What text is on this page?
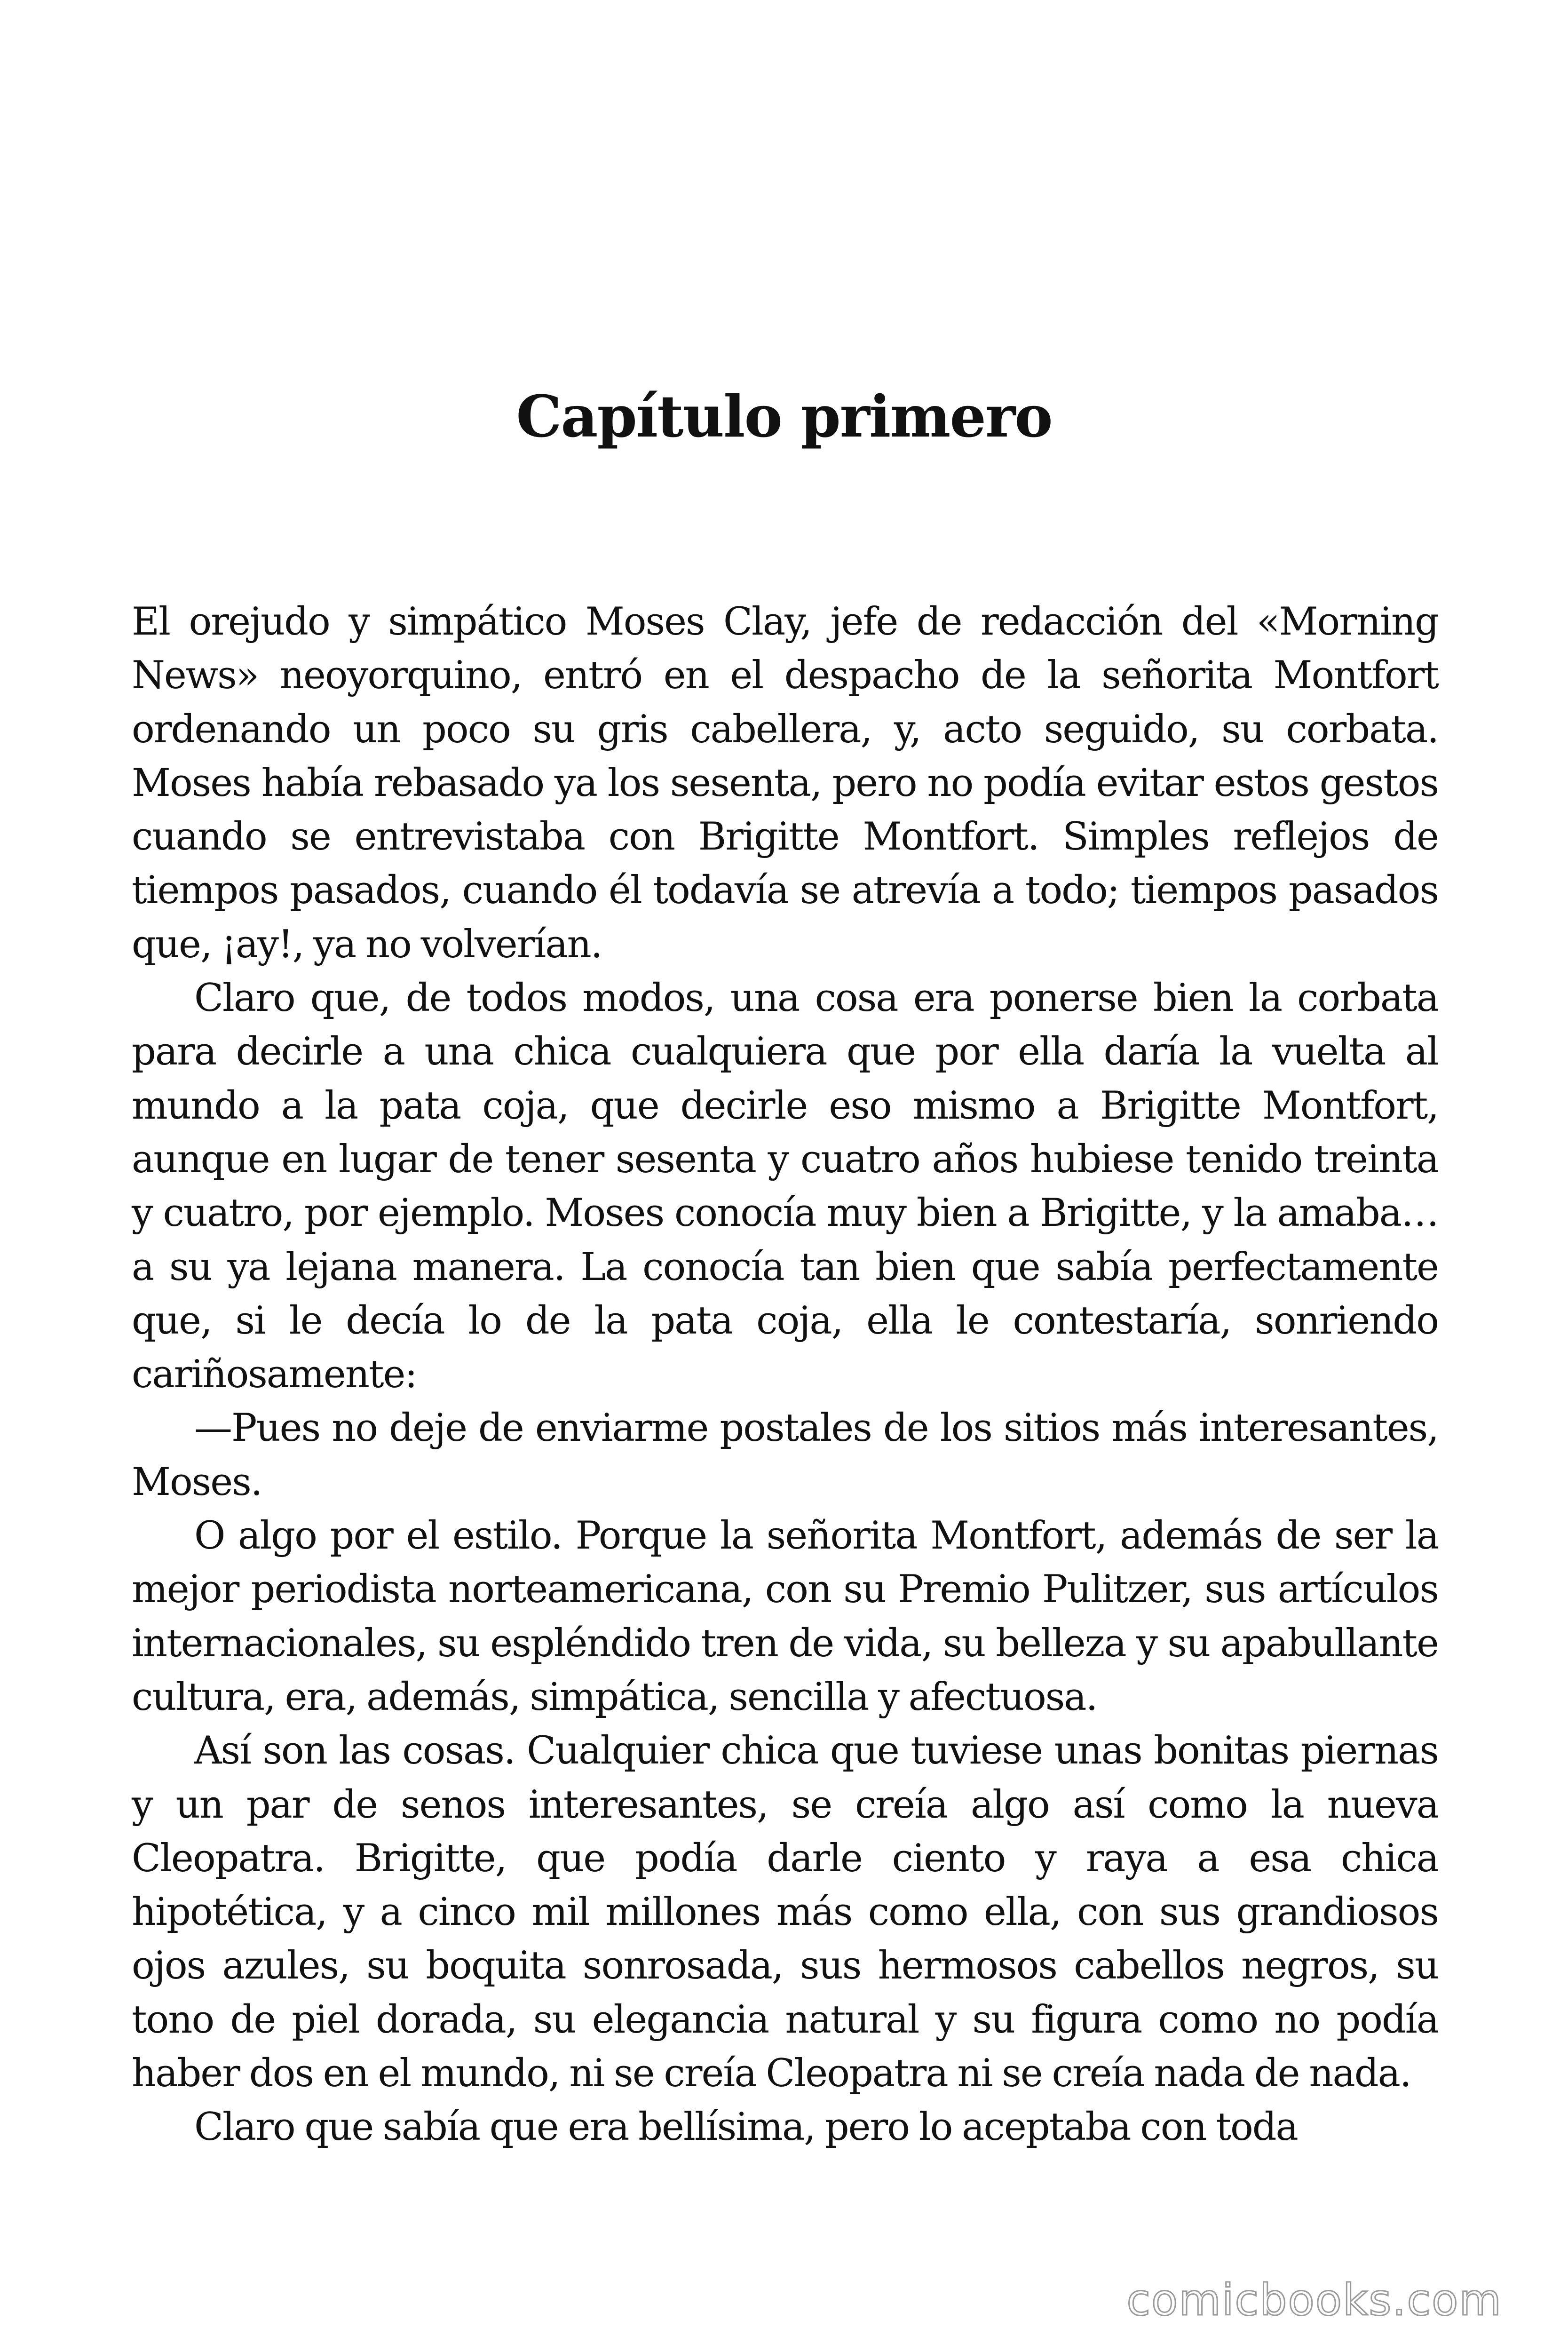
Capítulo primero

El orejudo y simpático Moses Clay, jefe de redacción del «Morning News» neoyorquino, entró en el despacho de la señorita Montfort ordenando un poco su gris cabellera, y, acto seguido, su corbata. Moses había rebasado ya los sesenta, pero no podía evitar estos gestos cuando se entrevistaba con Brigitte Montfort. Simples reflejos de tiempos pasados, cuando él todavía se atrevía a todo; tiempos pasados que, ¡ay!, ya no volverían.

Claro que, de todos modos, una cosa era ponerse bien la corbata para decirle a una chica cualquiera que por ella daría la vuelta al mundo a la pata coja, que decirle eso mismo a Brigitte Montfort, aunque en lugar de tener sesenta y cuatro años hubiese tenido treinta y cuatro, por ejemplo. Moses conocía muy bien a Brigitte, y la amaba… a su ya lejana manera. La conocía tan bien que sabía perfectamente que, si le decía lo de la pata coja, ella le contestaría, sonriendo cariñosamente:

—Pues no deje de enviarme postales de los sitios más interesantes, Moses.

O algo por el estilo. Porque la señorita Montfort, además de ser la mejor periodista norteamericana, con su Premio Pulitzer, sus artículos internacionales, su espléndido tren de vida, su belleza y su apabullante cultura, era, además, simpática, sencilla y afectuosa.

Así son las cosas. Cualquier chica que tuviese unas bonitas piernas y un par de senos interesantes, se creía algo así como la nueva Cleopatra. Brigitte, que podía darle ciento y raya a esa chica hipotética, y a cinco mil millones más como ella, con sus grandiosos ojos azules, su boquita sonrosada, sus hermosos cabellos negros, su tono de piel dorada, su elegancia natural y su figura como no podía haber dos en el mundo, ni se creía Cleopatra ni se creía nada de nada.

Claro que sabía que era bellísima, pero lo aceptaba con toda

comicbooks.com
